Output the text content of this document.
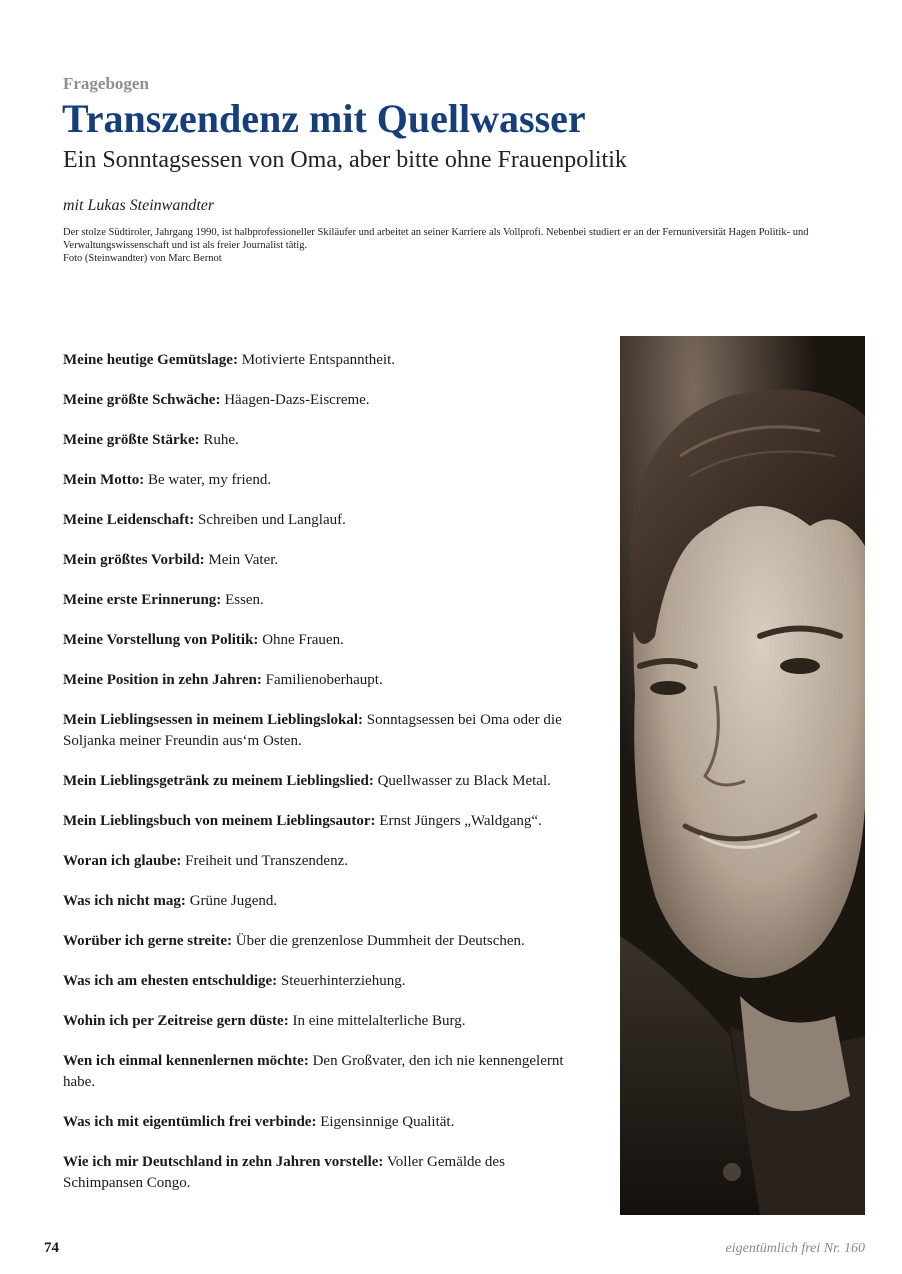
Fragebogen
Transzendenz mit Quellwasser
Ein Sonntagsessen von Oma, aber bitte ohne Frauenpolitik
mit Lukas Steinwandter

Der stolze Südtiroler, Jahrgang 1990, ist halbprofessioneller Skiläufer und arbeitet an seiner Karriere als Vollprofi. Nebenbei studiert er an der Fernuniversität Hagen Politik- und Verwaltungswissenschaft und ist als freier Journalist tätig.

Foto (Steinwandter) von Marc Bernot

Meine heutige Gemütslage: Motivierte Entspanntheit.

Meine größte Schwäche: Häagen-Dazs-Eiscreme.

Meine größte Stärke: Ruhe.

Mein Motto: Be water, my friend.

Meine Leidenschaft: Schreiben und Langlauf.

Mein größtes Vorbild: Mein Vater.

Meine erste Erinnerung: Essen.

Meine Vorstellung von Politik: Ohne Frauen.

Meine Position in zehn Jahren: Familienoberhaupt.

Mein Lieblingsessen in meinem Lieblingslokal: Sonntagsessen bei Oma oder die Soljanka meiner Freundin aus‘m Osten.

Mein Lieblingsgetränk zu meinem Lieblingslied: Quellwasser zu Black Metal.

Mein Lieblingsbuch von meinem Lieblingsautor: Ernst Jüngers „Waldgang“.

Woran ich glaube: Freiheit und Transzendenz.

Was ich nicht mag: Grüne Jugend.

Worüber ich gerne streite: Über die grenzenlose Dummheit der Deutschen.

Was ich am ehesten entschuldige: Steuerhinterziehung.

Wohin ich per Zeitreise gern düste: In eine mittelalterliche Burg.

Wen ich einmal kennenlernen möchte: Den Großvater, den ich nie kennengelernt habe.

Was ich mit eigentümlich frei verbinde: Eigensinnige Qualität.

Wie ich mir Deutschland in zehn Jahren vorstelle: Voller Gemälde des Schimpansen Congo.

74	eigentümlich frei Nr. 160
